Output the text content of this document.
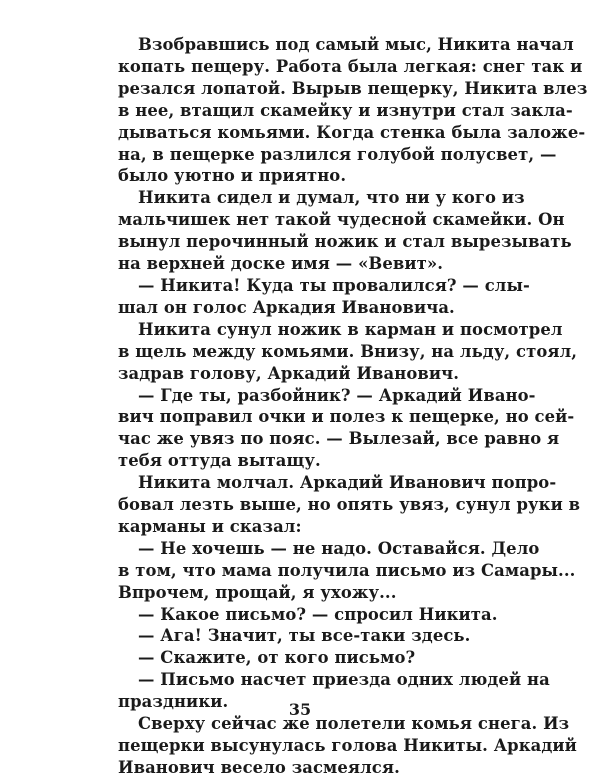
Взобравшись под самый мыс, Никита начал
копать пещеру. Работа была легкая: снег так и
резался лопатой. Вырыв пещерку, Никита влез
в нее, втащил скамейку и изнутри стал закла-
дываться комьями. Когда стенка была заложе-
на, в пещерке разлился голубой полусвет, —
было уютно и приятно.

Никита сидел и думал, что ни у кого из
мальчишек нет такой чудесной скамейки. Он
вынул перочинный ножик и стал вырезывать
на верхней доске имя — «Вевит».

— Никита! Куда ты провалился? — слы-
шал он голос Аркадия Ивановича.

Никита сунул ножик в карман и посмотрел
в щель между комьями. Внизу, на льду, стоял,
задрав голову, Аркадий Иванович.

— Где ты, разбойник? — Аркадий Ивано-
вич поправил очки и полез к пещерке, но сей-
час же увяз по пояс. — Вылезай, все равно я
тебя оттуда вытащу.

Никита молчал. Аркадий Иванович попро-
бовал лезть выше, но опять увяз, сунул руки в
карманы и сказал:

— Не хочешь — не надо. Оставайся. Дело
в том, что мама получила письмо из Самары...
Впрочем, прощай, я ухожу...

— Какое письмо? — спросил Никита.

— Ага! Значит, ты все-таки здесь.

— Скажите, от кого письмо?

— Письмо насчет приезда одних людей на
праздники.

Сверху сейчас же полетели комья снега. Из
пещерки высунулась голова Никиты. Аркадий
Иванович весело засмеялся.

35
